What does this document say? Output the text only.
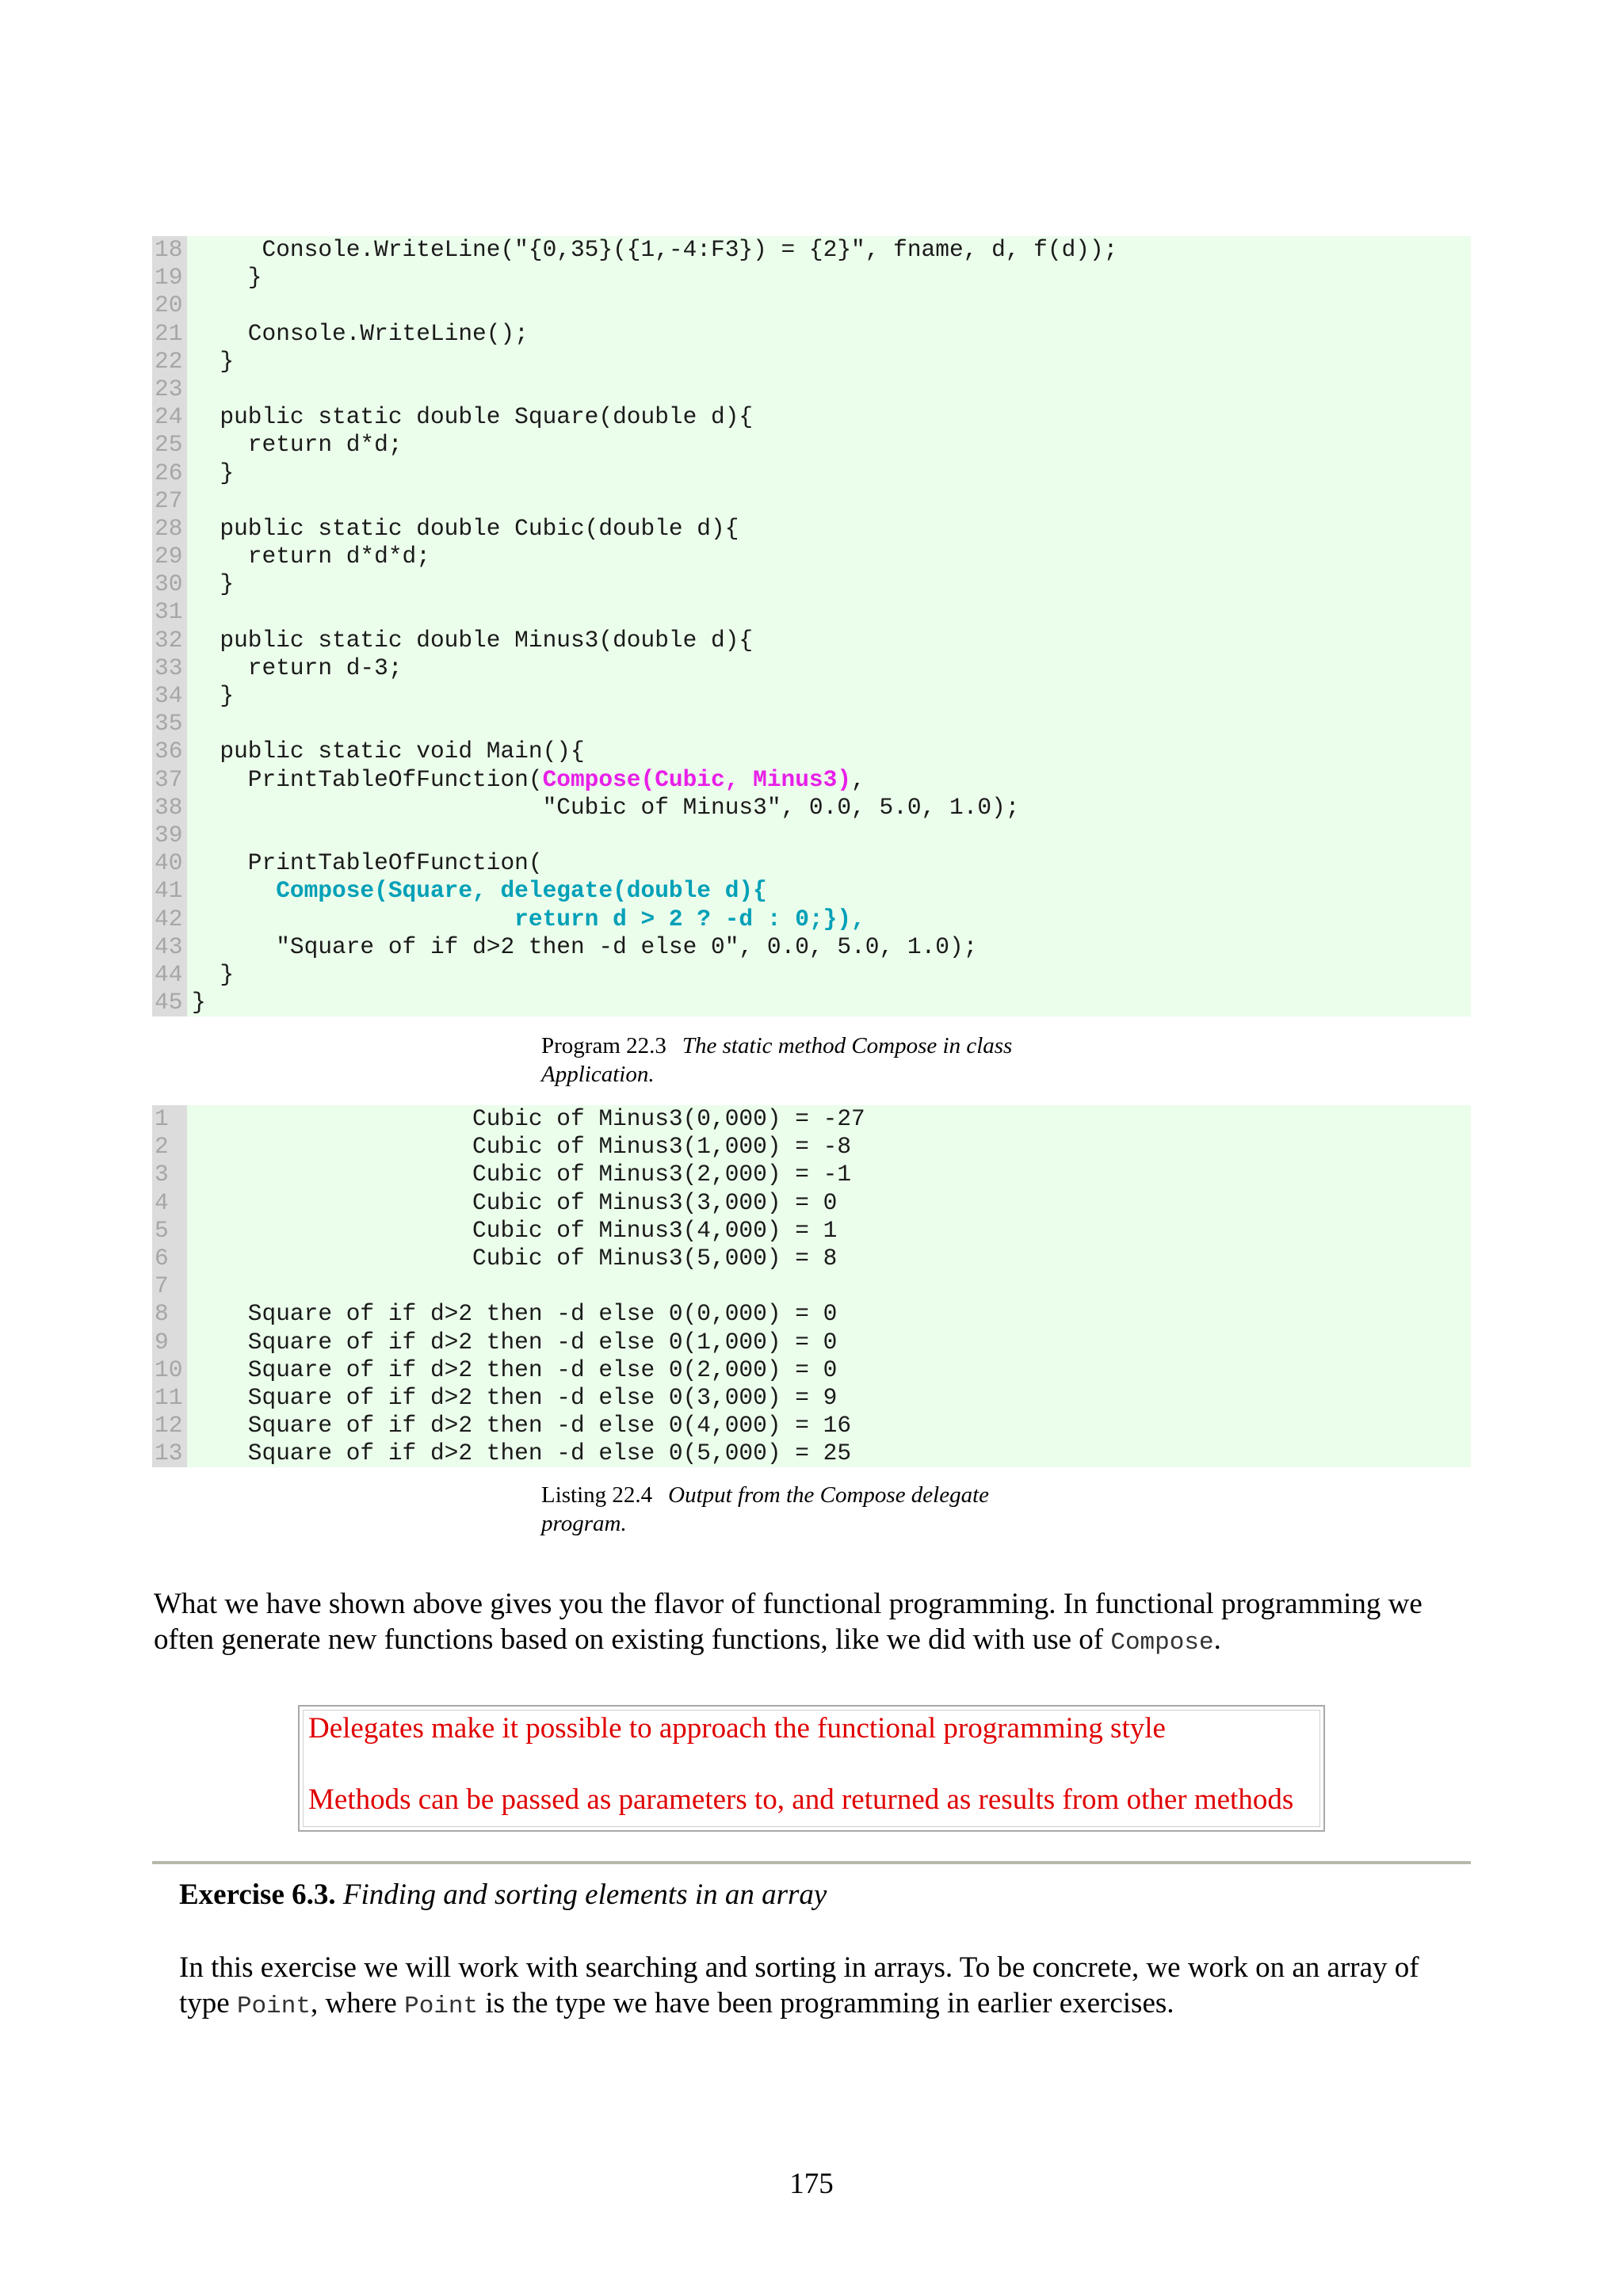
18 Console.WriteLine("{0,35}({1,-4:F3}) = {2}", fname, d, f(d));
19 }
20
21 Console.WriteLine();
22 }
23
24 public static double Square(double d){
25 return d*d;
26 }
27
28 public static double Cubic(double d){
29 return d*d*d;
30 }
31
32 public static double Minus3(double d){
33 return d-3;
34 }
35
36 public static void Main(){
37 PrintTableOfFunction(Compose(Cubic, Minus3),
38 "Cubic of Minus3", 0.0, 5.0, 1.0);
39
40 PrintTableOfFunction(
41	Compose(Square, delegate(double d){
42	return d > 2 ? -d : 0;}),
43 "Square of if d>2 then -d else 0", 0.0, 5.0, 1.0);
44 }
45 }
Program 22.3 The static method Compose in class
Application.
1 Cubic of Minus3(0,000) = -27
2 Cubic of Minus3(1,000) = -8
3 Cubic of Minus3(2,000) = -1
4 Cubic of Minus3(3,000) = 0
5 Cubic of Minus3(4,000) = 1
6 Cubic of Minus3(5,000) = 8
7
8 Square of if d>2 then -d else 0(0,000) = 0
9 Square of if d>2 then -d else 0(1,000) = 0
10 Square of if d>2 then -d else 0(2,000) = 0
11 Square of if d>2 then -d else 0(3,000) = 9
12 Square of if d>2 then -d else 0(4,000) = 16
13 Square of if d>2 then -d else 0(5,000) = 25
Listing 22.4 Output from the Compose delegate
program.
What we have shown above gives you the flavor of functional programming. In functional programming we
often generate new functions based on existing functions, like we did with use of Compose.
Delegates make it possible to approach the functional programming style
Methods can be passed as parameters to, and returned as results from other methods
Exercise 6.3. Finding and sorting elements in an array
In this exercise we will work with searching and sorting in arrays. To be concrete, we work on an array of
type Point, where Point is the type we have been programming in earlier exercises.
175
